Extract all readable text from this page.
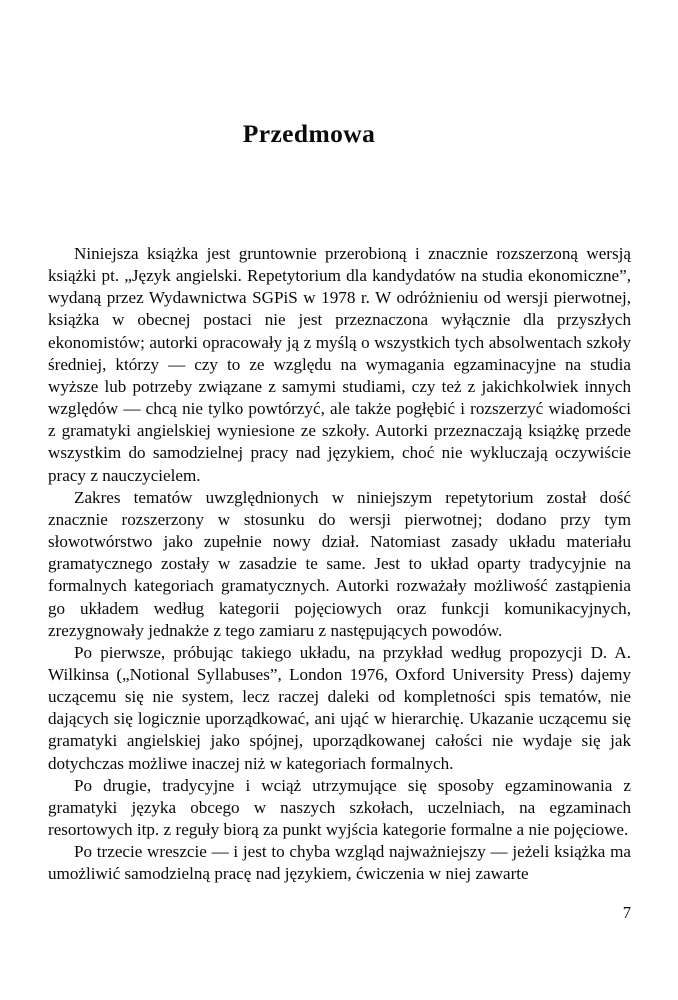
Przedmowa

Niniejsza książka jest gruntownie przerobioną i znacznie rozszerzoną wersją książki pt. „Język angielski. Repetytorium dla kandydatów na studia ekonomiczne”, wydaną przez Wydawnictwa SGPiS w 1978 r. W odróżnieniu od wersji pierwotnej, książka w obecnej postaci nie jest przeznaczona wyłącznie dla przyszłych ekonomistów; autorki opracowały ją z myślą o wszystkich tych absolwentach szkoły średniej, którzy — czy to ze względu na wymagania egzaminacyjne na studia wyższe lub potrzeby związane z samymi studiami, czy też z jakichkolwiek innych względów — chcą nie tylko powtórzyć, ale także pogłębić i rozszerzyć wiadomości z gramatyki angielskiej wyniesione ze szkoły. Autorki przeznaczają książkę przede wszystkim do samodzielnej pracy nad językiem, choć nie wykluczają oczywiście pracy z nauczycielem.

Zakres tematów uwzględnionych w niniejszym repetytorium został dość znacznie rozszerzony w stosunku do wersji pierwotnej; dodano przy tym słowotwórstwo jako zupełnie nowy dział. Natomiast zasady układu materiału gramatycznego zostały w zasadzie te same. Jest to układ oparty tradycyjnie na formalnych kategoriach gramatycznych. Autorki rozważały możliwość zastąpienia go układem według kategorii pojęciowych oraz funkcji komunikacyjnych, zrezygnowały jednakże z tego zamiaru z następujących powodów.

Po pierwsze, próbując takiego układu, na przykład według propozycji D. A. Wilkinsa („Notional Syllabuses”, London 1976, Oxford University Press) dajemy uczącemu się nie system, lecz raczej daleki od kompletności spis tematów, nie dających się logicznie uporządkować, ani ująć w hierarchię. Ukazanie uczącemu się gramatyki angielskiej jako spójnej, uporządkowanej całości nie wydaje się jak dotychczas możliwe inaczej niż w kategoriach formalnych.

Po drugie, tradycyjne i wciąż utrzymujące się sposoby egzaminowania z gramatyki języka obcego w naszych szkołach, uczelniach, na egzaminach resortowych itp. z reguły biorą za punkt wyjścia kategorie formalne a nie pojęciowe.

Po trzecie wreszcie — i jest to chyba wzgląd najważniejszy — jeżeli książka ma umożliwić samodzielną pracę nad językiem, ćwiczenia w niej zawarte

7
